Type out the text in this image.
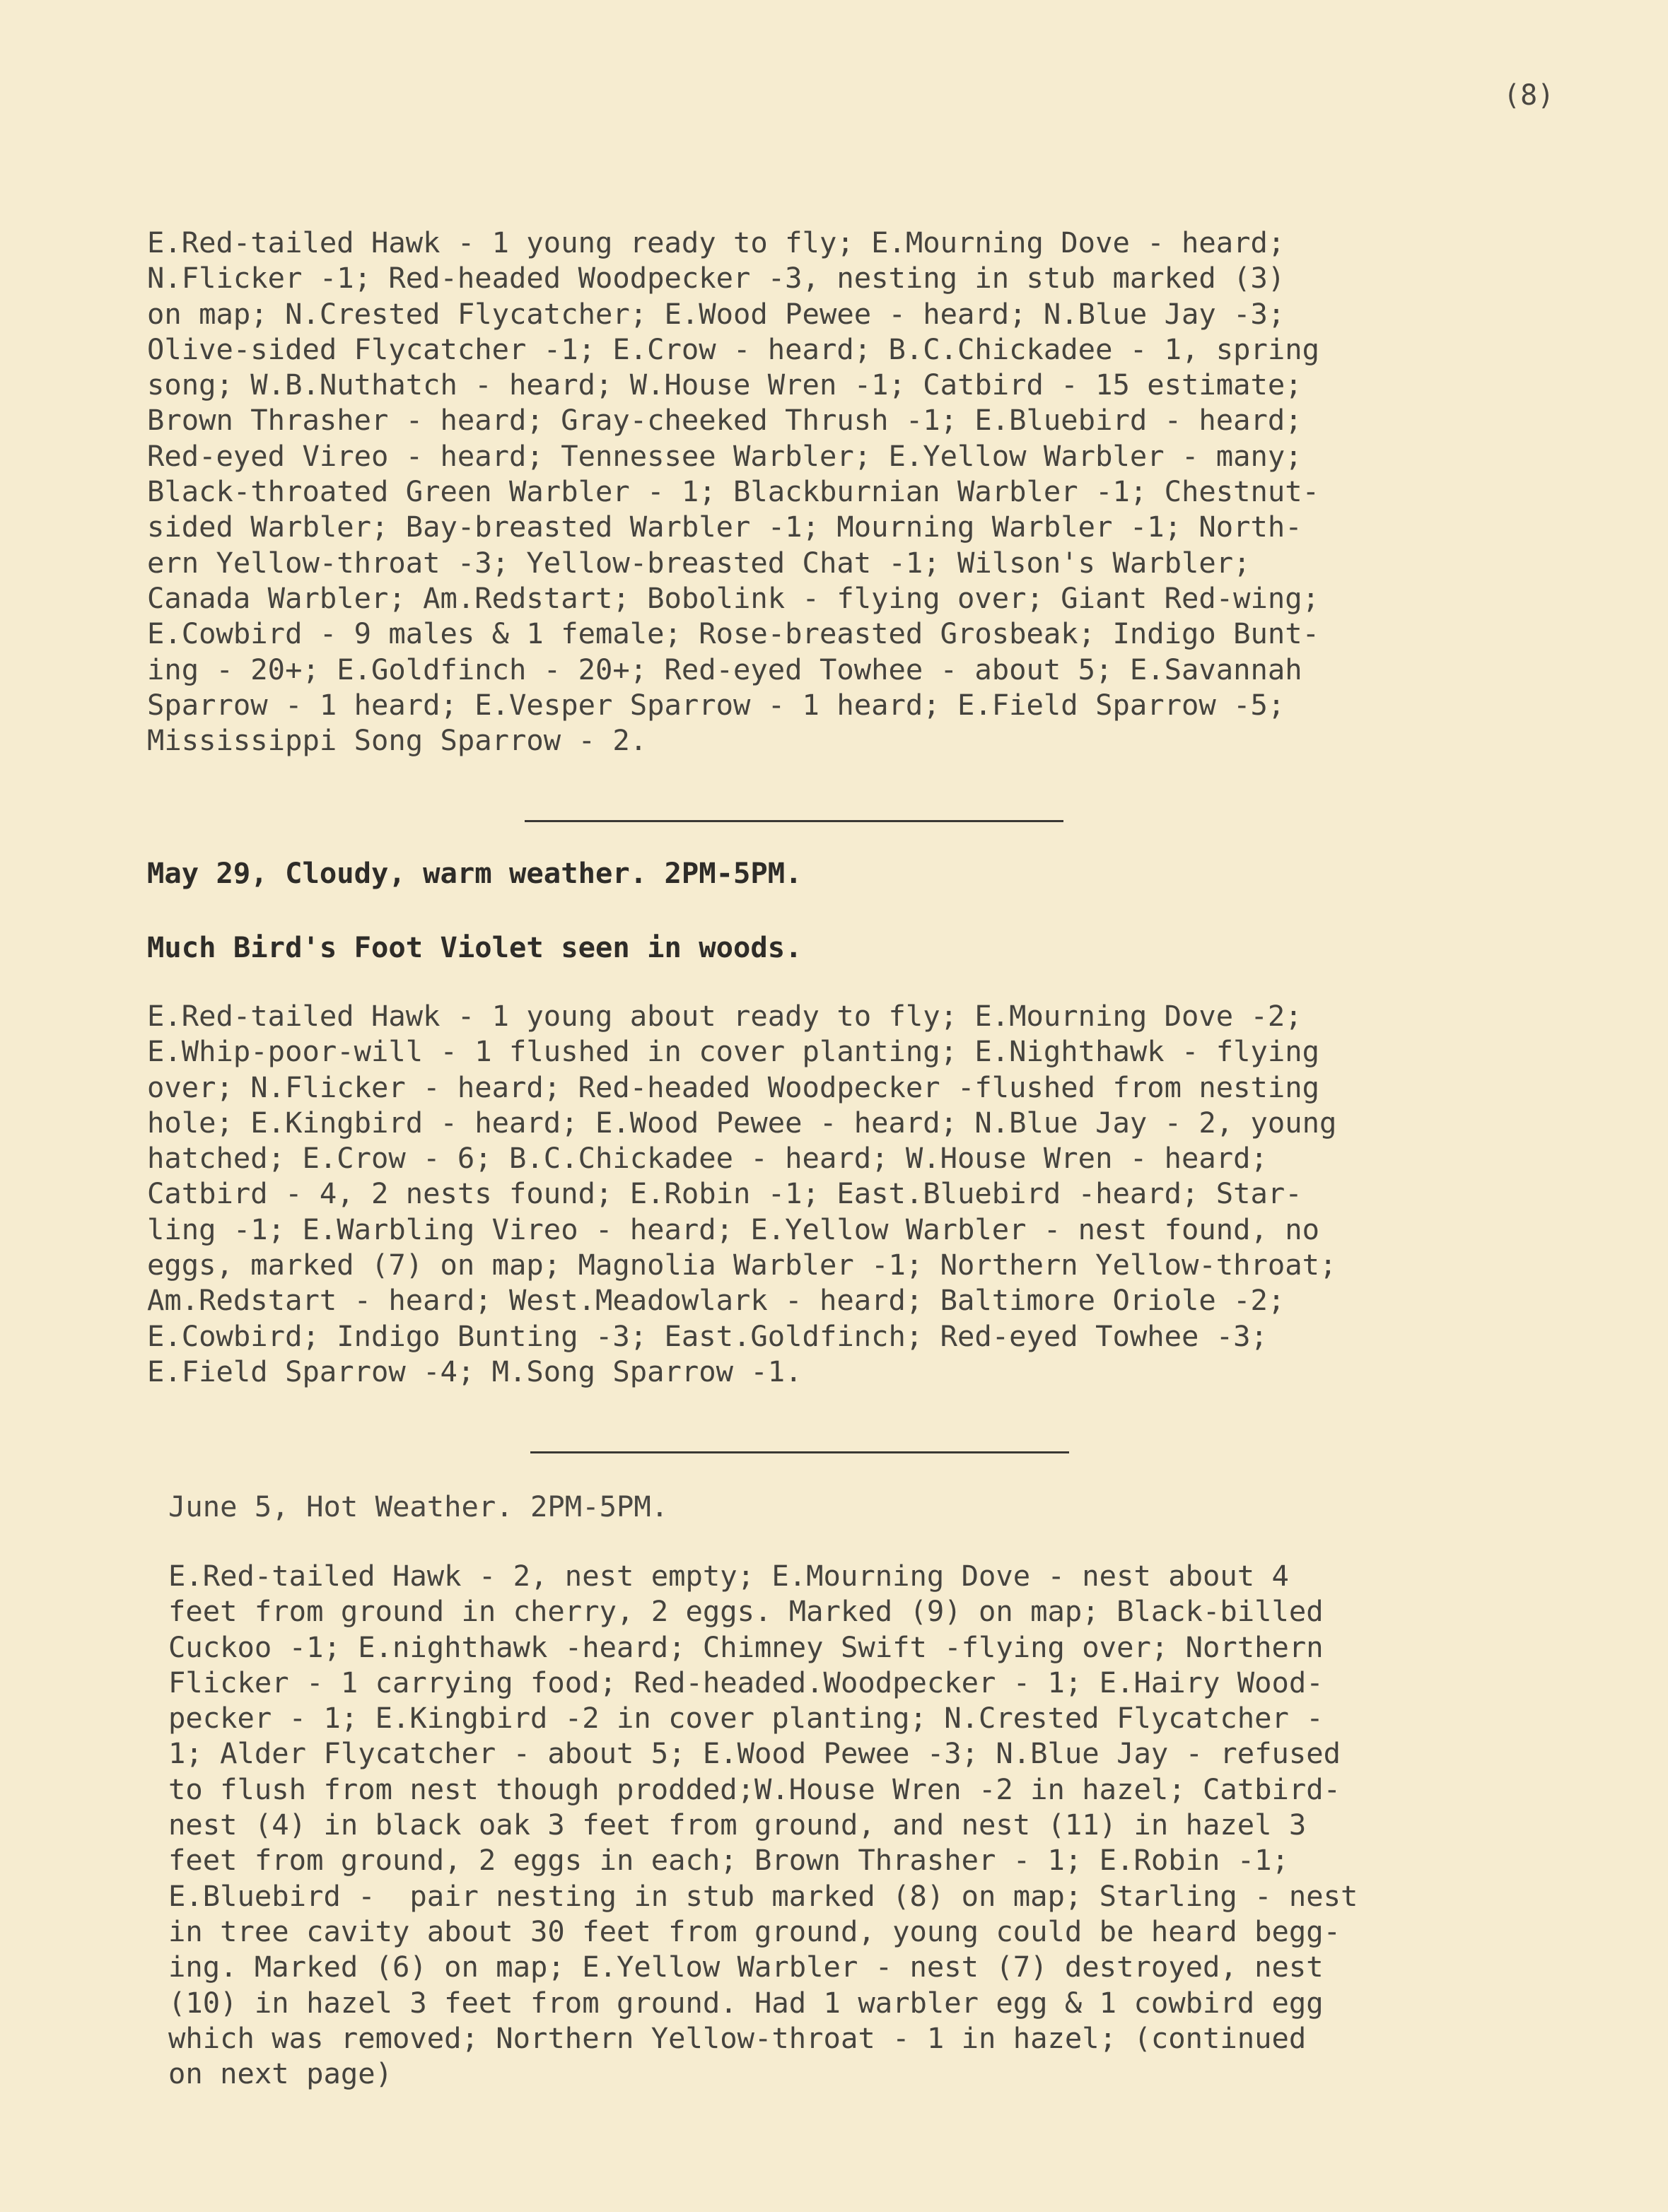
(8)
E.Red-tailed Hawk - 1 young ready to fly; E.Mourning Dove - heard;
N.Flicker -1; Red-headed Woodpecker -3, nesting in stub marked (3)
on map; N.Crested Flycatcher; E.Wood Pewee - heard; N.Blue Jay -3;
Olive-sided Flycatcher -1; E.Crow - heard; B.C.Chickadee - 1, spring
song; W.B.Nuthatch - heard; W.House Wren -1; Catbird - 15 estimate;
Brown Thrasher - heard; Gray-cheeked Thrush -1; E.Bluebird - heard;
Red-eyed Vireo - heard; Tennessee Warbler; E.Yellow Warbler - many;
Black-throated Green Warbler - 1; Blackburnian Warbler -1; Chestnut-
sided Warbler; Bay-breasted Warbler -1; Mourning Warbler -1; North-
ern Yellow-throat -3; Yellow-breasted Chat -1; Wilson's Warbler;
Canada Warbler; Am.Redstart; Bobolink - flying over; Giant Red-wing;
E.Cowbird - 9 males & 1 female; Rose-breasted Grosbeak; Indigo Bunt-
ing - 20+; E.Goldfinch - 20+; Red-eyed Towhee - about 5; E.Savannah
Sparrow - 1 heard; E.Vesper Sparrow - 1 heard; E.Field Sparrow -5;
Mississippi Song Sparrow - 2.
May 29, Cloudy, warm weather. 2PM-5PM.
Much Bird's Foot Violet seen in woods.
E.Red-tailed Hawk - 1 young about ready to fly; E.Mourning Dove -2;
E.Whip-poor-will - 1 flushed in cover planting; E.Nighthawk - flying
over; N.Flicker - heard; Red-headed Woodpecker -flushed from nesting
hole; E.Kingbird - heard; E.Wood Pewee - heard; N.Blue Jay - 2, young
hatched; E.Crow - 6; B.C.Chickadee - heard; W.House Wren - heard;
Catbird - 4, 2 nests found; E.Robin -1; East.Bluebird -heard; Star-
ling -1; E.Warbling Vireo - heard; E.Yellow Warbler - nest found, no
eggs, marked (7) on map; Magnolia Warbler -1; Northern Yellow-throat;
Am.Redstart - heard; West.Meadowlark - heard; Baltimore Oriole -2;
E.Cowbird; Indigo Bunting -3; East.Goldfinch; Red-eyed Towhee -3;
E.Field Sparrow -4; M.Song Sparrow -1.
June 5, Hot Weather. 2PM-5PM.
E.Red-tailed Hawk - 2, nest empty; E.Mourning Dove - nest about 4
feet from ground in cherry, 2 eggs. Marked (9) on map; Black-billed
Cuckoo -1; E.nighthawk -heard; Chimney Swift -flying over; Northern
Flicker - 1 carrying food; Red-headed.Woodpecker - 1; E.Hairy Wood-
pecker - 1; E.Kingbird -2 in cover planting; N.Crested Flycatcher -
1; Alder Flycatcher - about 5; E.Wood Pewee -3; N.Blue Jay - refused
to flush from nest though prodded;W.House Wren -2 in hazel; Catbird-
nest (4) in black oak 3 feet from ground, and nest (11) in hazel 3
feet from ground, 2 eggs in each; Brown Thrasher - 1; E.Robin -1;
E.Bluebird -  pair nesting in stub marked (8) on map; Starling - nest
in tree cavity about 30 feet from ground, young could be heard begg-
ing. Marked (6) on map; E.Yellow Warbler - nest (7) destroyed, nest
(10) in hazel 3 feet from ground. Had 1 warbler egg & 1 cowbird egg
which was removed; Northern Yellow-throat - 1 in hazel; (continued
on next page)
